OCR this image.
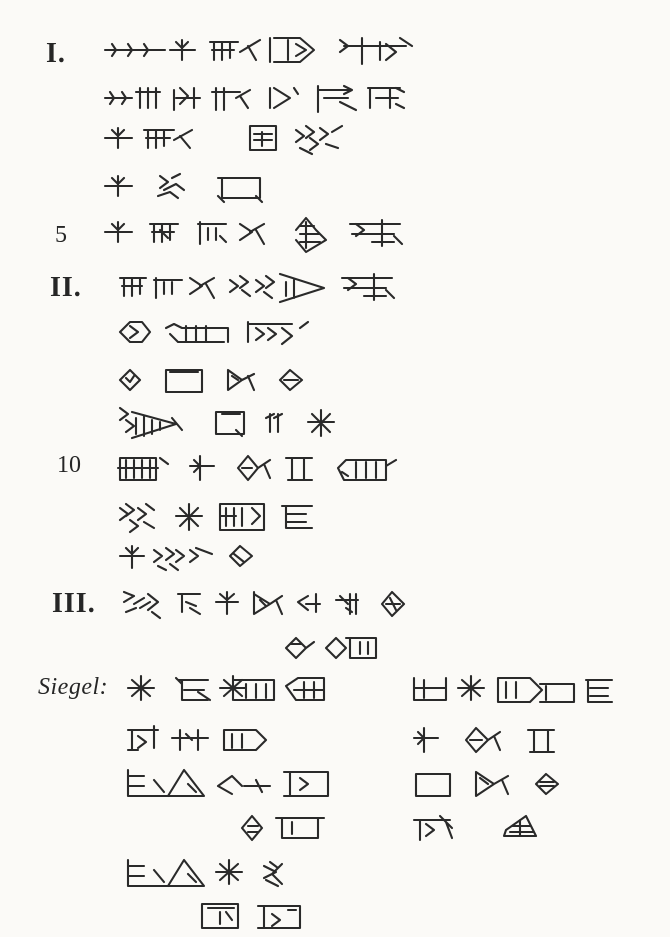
I.
5
II.
10
III.
Siegel:
